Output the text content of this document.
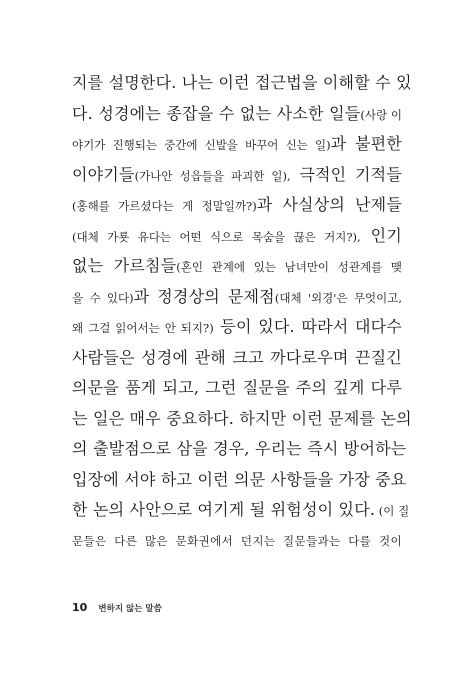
지를 설명한다. 나는 이런 접근법을 이해할 수 있
다. 성경에는 종잡을 수 없는 사소한 일들(사랑 이
야기가 진행되는 중간에 신발을 바꾸어 신는 일)과 불편한
이야기들(가나안 성읍들을 파괴한 일), 극적인 기적들
(홍해를 가르셨다는 게 정말일까?)과 사실상의 난제들
(대체 가룟 유다는 어떤 식으로 목숨을 끊은 거지?), 인기
없는 가르침들(혼인 관계에 있는 남녀만이 성관계를 맺
을 수 있다)과 정경상의 문제점(대체 '외경'은 무엇이고,
왜 그걸 읽어서는 안 되지?) 등이 있다. 따라서 대다수
사람들은 성경에 관해 크고 까다로우며 끈질긴
의문을 품게 되고, 그런 질문을 주의 깊게 다루
는 일은 매우 중요하다. 하지만 이런 문제를 논의
의 출발점으로 삼을 경우, 우리는 즉시 방어하는
입장에 서야 하고 이런 의문 사항들을 가장 중요
한 논의 사안으로 여기게 될 위험성이 있다. (이 질
문들은 다른 많은 문화권에서 던지는 질문들과는 다를 것이
10 변하지 않는 말씀
